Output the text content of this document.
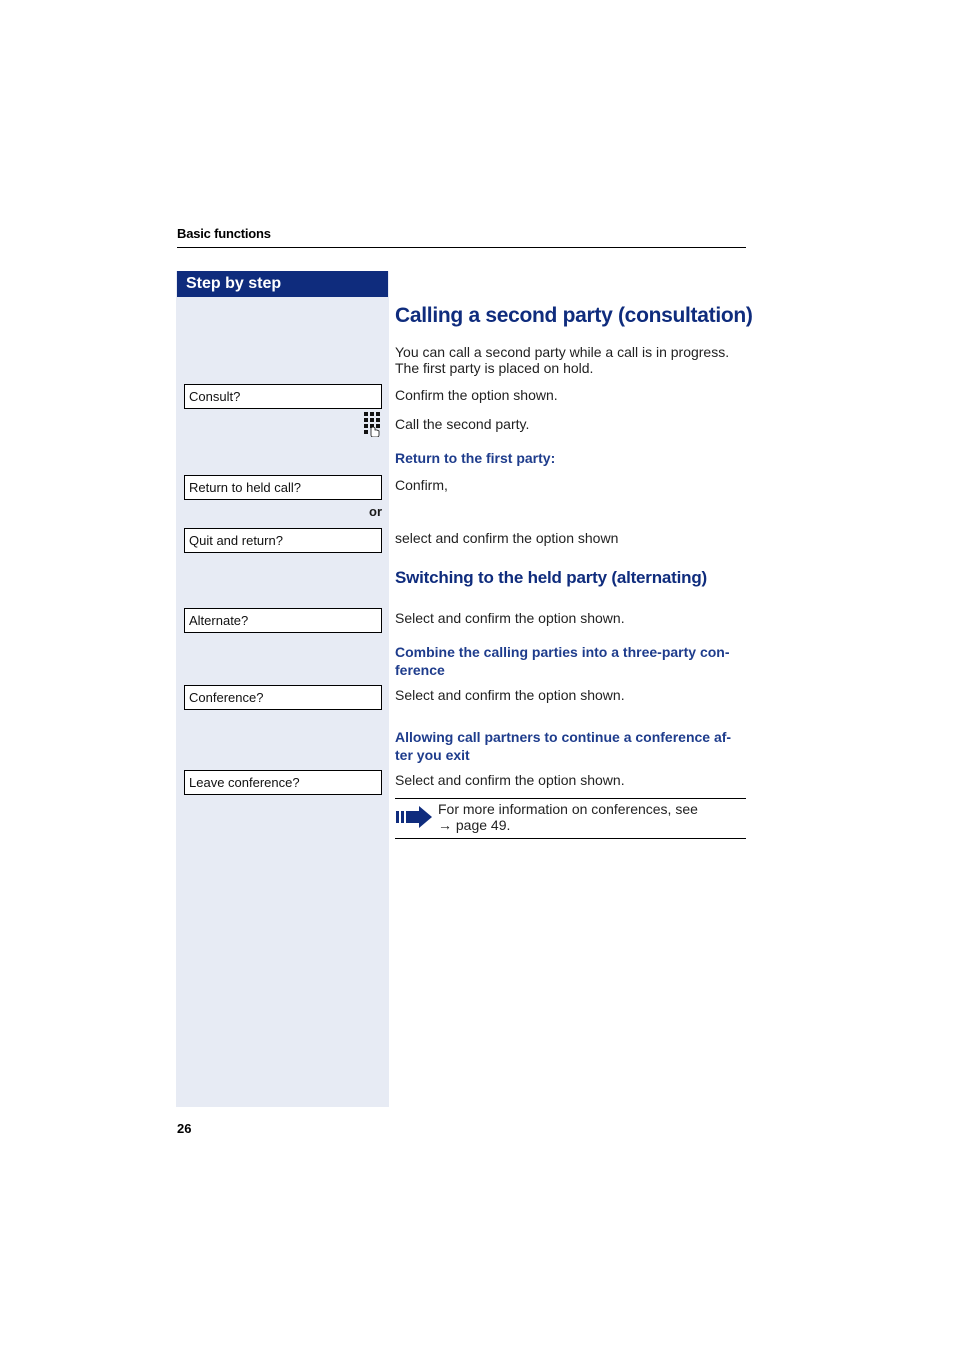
Basic functions
Step by step
Consult?
Return to held call?
or
Quit and return?
Alternate?
Conference?
Leave conference?
Calling a second party (consultation)
You can call a second party while a call is in progress.
The first party is placed on hold.
Confirm the option shown.
Call the second party.
Return to the first party:
Confirm,
select and confirm the option shown
Switching to the held party (alternating)
Select and confirm the option shown.
Combine the calling parties into a three-party con-
ference
Select and confirm the option shown.
Allowing call partners to continue a conference af-
ter you exit
Select and confirm the option shown.
For more information on conferences, see
→ page 49.
26
